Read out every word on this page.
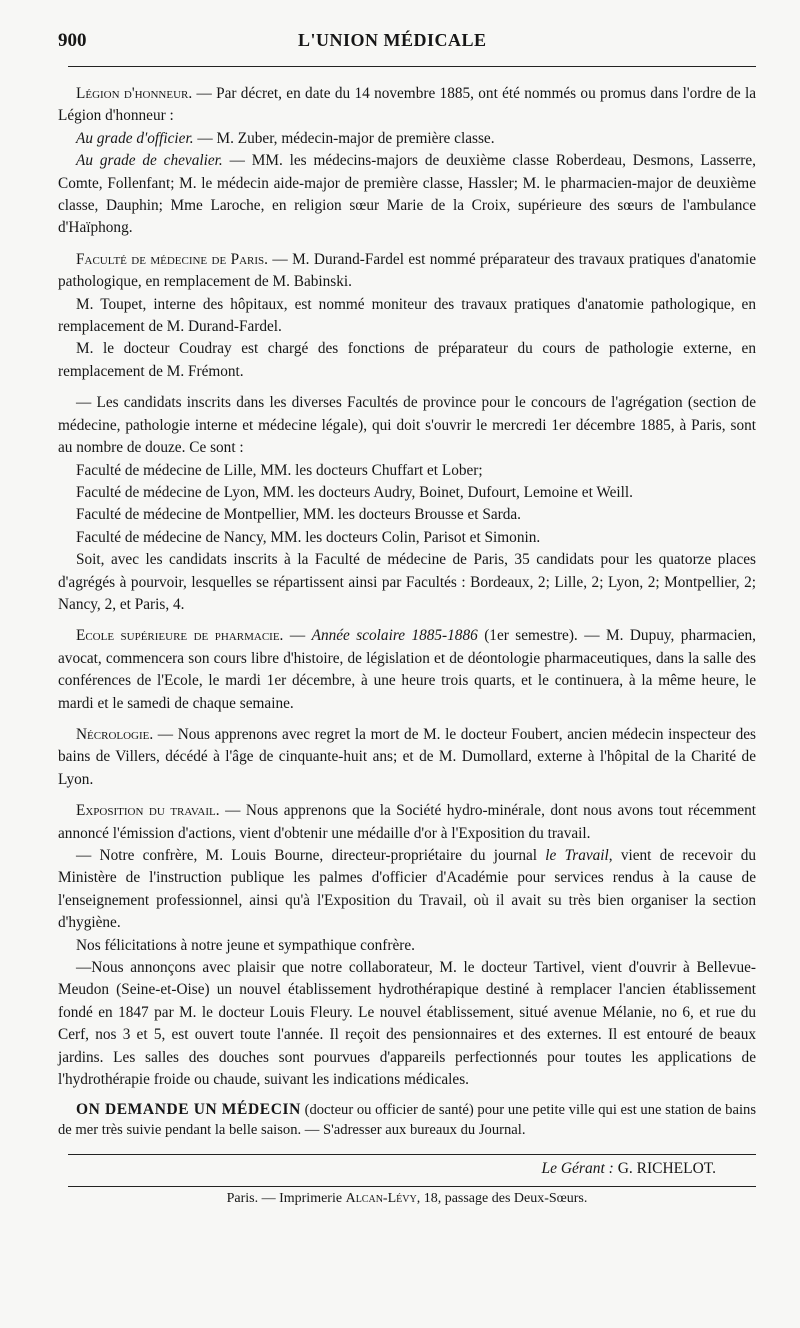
900	L'UNION MÉDICALE

Légion d'honneur. — Par décret, en date du 14 novembre 1885, ont été nommés ou promus dans l'ordre de la Légion d'honneur :

Au grade d'officier. — M. Zuber, médecin-major de première classe.

Au grade de chevalier. — MM. les médecins-majors de deuxième classe Roberdeau, Desmons, Lasserre, Comte, Follenfant; M. le médecin aide-major de première classe, Hassler; M. le pharmacien-major de deuxième classe, Dauphin; Mme Laroche, en religion sœur Marie de la Croix, supérieure des sœurs de l'ambulance d'Haïphong.

Faculté de médecine de Paris. — M. Durand-Fardel est nommé préparateur des travaux pratiques d'anatomie pathologique, en remplacement de M. Babinski.

M. Toupet, interne des hôpitaux, est nommé moniteur des travaux pratiques d'anatomie pathologique, en remplacement de M. Durand-Fardel.

M. le docteur Coudray est chargé des fonctions de préparateur du cours de pathologie externe, en remplacement de M. Frémont.

— Les candidats inscrits dans les diverses Facultés de province pour le concours de l'agrégation (section de médecine, pathologie interne et médecine légale), qui doit s'ouvrir le mercredi 1er décembre 1885, à Paris, sont au nombre de douze. Ce sont :

Faculté de médecine de Lille, MM. les docteurs Chuffart et Lober;

Faculté de médecine de Lyon, MM. les docteurs Audry, Boinet, Dufourt, Lemoine et Weill.

Faculté de médecine de Montpellier, MM. les docteurs Brousse et Sarda.

Faculté de médecine de Nancy, MM. les docteurs Colin, Parisot et Simonin.

Soit, avec les candidats inscrits à la Faculté de médecine de Paris, 35 candidats pour les quatorze places d'agrégés à pourvoir, lesquelles se répartissent ainsi par Facultés : Bordeaux, 2; Lille, 2; Lyon, 2; Montpellier, 2; Nancy, 2, et Paris, 4.

Ecole supérieure de pharmacie. — Année scolaire 1885-1886 (1er semestre). — M. Dupuy, pharmacien, avocat, commencera son cours libre d'histoire, de législation et de déontologie pharmaceutiques, dans la salle des conférences de l'Ecole, le mardi 1er décembre, à une heure trois quarts, et le continuera, à la même heure, le mardi et le samedi de chaque semaine.

Nécrologie. — Nous apprenons avec regret la mort de M. le docteur Foubert, ancien médecin inspecteur des bains de Villers, décédé à l'âge de cinquante-huit ans; et de M. Dumollard, externe à l'hôpital de la Charité de Lyon.

Exposition du travail. — Nous apprenons que la Société hydro-minérale, dont nous avons tout récemment annoncé l'émission d'actions, vient d'obtenir une médaille d'or à l'Exposition du travail.

— Notre confrère, M. Louis Bourne, directeur-propriétaire du journal le Travail, vient de recevoir du Ministère de l'instruction publique les palmes d'officier d'Académie pour services rendus à la cause de l'enseignement professionnel, ainsi qu'à l'Exposition du Travail, où il avait su très bien organiser la section d'hygiène.

Nos félicitations à notre jeune et sympathique confrère.

—Nous annonçons avec plaisir que notre collaborateur, M. le docteur Tartivel, vient d'ouvrir à Bellevue-Meudon (Seine-et-Oise) un nouvel établissement hydrothérapique destiné à remplacer l'ancien établissement fondé en 1847 par M. le docteur Louis Fleury. Le nouvel établissement, situé avenue Mélanie, no 6, et rue du Cerf, nos 3 et 5, est ouvert toute l'année. Il reçoit des pensionnaires et des externes. Il est entouré de beaux jardins. Les salles des douches sont pourvues d'appareils perfectionnés pour toutes les applications de l'hydrothérapie froide ou chaude, suivant les indications médicales.

ON DEMANDE UN MÉDECIN (docteur ou officier de santé) pour une petite ville qui est une station de bains de mer très suivie pendant la belle saison. — S'adresser aux bureaux du Journal.

Le Gérant : G. RICHELOT.
Paris. — Imprimerie Alcan-Lévy, 18, passage des Deux-Sœurs.
